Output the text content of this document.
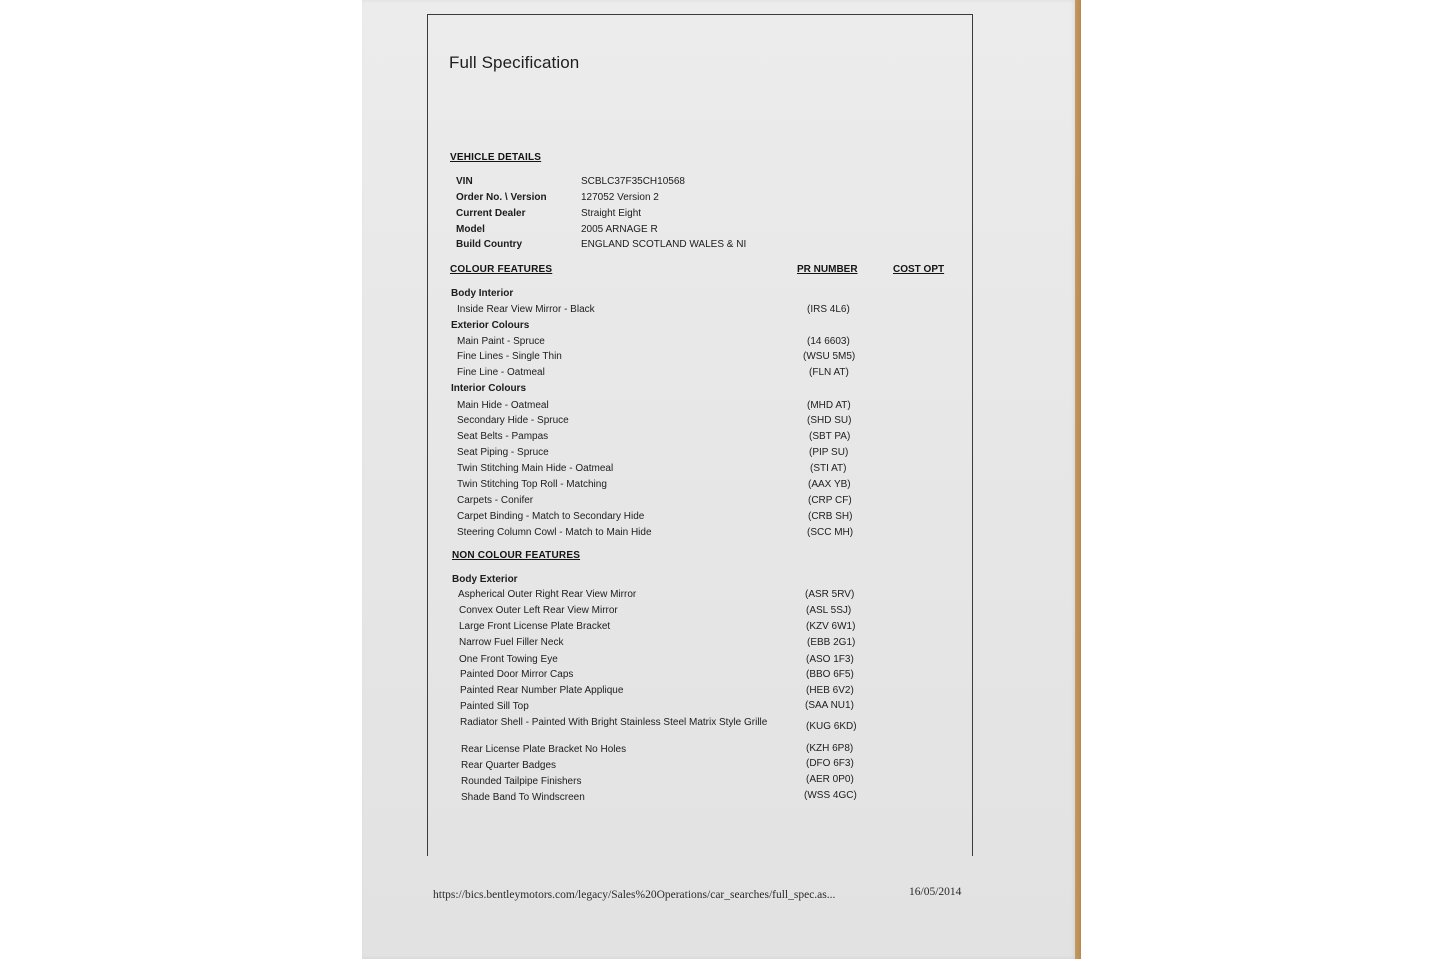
Full Specification
VEHICLE DETAILS
VIN	SCBLC37F35CH10568
Order No. \ Version	127052 Version 2
Current Dealer	Straight Eight
Model	2005 ARNAGE R
Build Country	ENGLAND SCOTLAND WALES & NI
COLOUR FEATURES	PR NUMBER	COST OPT
Body Interior
Inside Rear View Mirror - Black	(IRS 4L6)
Exterior Colours
Main Paint - Spruce	(14 6603)
Fine Lines - Single Thin	(WSU 5M5)
Fine Line - Oatmeal	(FLN AT)
Interior Colours
Main Hide - Oatmeal	(MHD AT)
Secondary Hide - Spruce	(SHD SU)
Seat Belts - Pampas	(SBT PA)
Seat Piping - Spruce	(PIP SU)
Twin Stitching Main Hide - Oatmeal	(STI AT)
Twin Stitching Top Roll - Matching	(AAX YB)
Carpets - Conifer	(CRP CF)
Carpet Binding - Match to Secondary Hide	(CRB SH)
Steering Column Cowl - Match to Main Hide	(SCC MH)
NON COLOUR FEATURES
Body Exterior
Aspherical Outer Right Rear View Mirror	(ASR 5RV)
Convex Outer Left Rear View Mirror	(ASL 5SJ)
Large Front License Plate Bracket	(KZV 6W1)
Narrow Fuel Filler Neck	(EBB 2G1)
One Front Towing Eye	(ASO 1F3)
Painted Door Mirror Caps	(BBO 6F5)
Painted Rear Number Plate Applique	(HEB 6V2)
Painted Sill Top	(SAA NU1)
Radiator Shell - Painted With Bright Stainless Steel Matrix Style Grille	(KUG 6KD)
Rear License Plate Bracket No Holes	(KZH 6P8)
Rear Quarter Badges	(DFO 6F3)
Rounded Tailpipe Finishers	(AER 0P0)
Shade Band To Windscreen	(WSS 4GC)
https://bics.bentleymotors.com/legacy/Sales%20Operations/car_searches/full_spec.as...	16/05/2014
